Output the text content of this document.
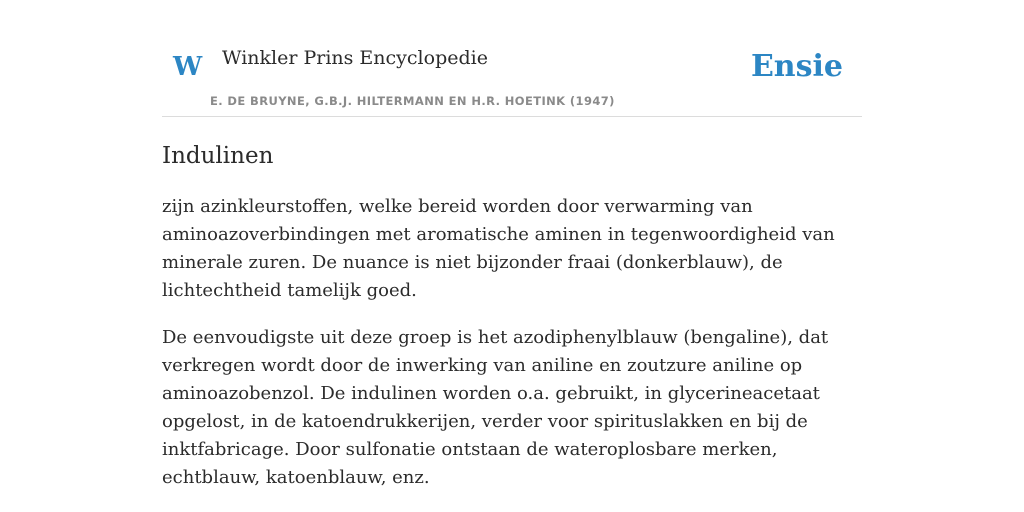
W Winkler Prins Encyclopedie	Ensie
E. DE BRUYNE, G.B.J. HILTERMANN EN H.R. HOETINK (1947)
Indulinen

zijn azinkleurstoffen, welke bereid worden door verwarming van aminoazoverbindingen met aromatische aminen in tegenwoordigheid van minerale zuren. De nuance is niet bijzonder fraai (donkerblauw), de lichtechtheid tamelijk goed.

De eenvoudigste uit deze groep is het azodiphenylblauw (bengaline), dat verkregen wordt door de inwerking van aniline en zoutzure aniline op aminoazobenzol. De indulinen worden o.a. gebruikt, in glycerineacetaat opgelost, in de katoendrukkerijen, verder voor spirituslakken en bij de inktfabricage. Door sulfonatie ontstaan de wateroplosbare merken, echtblauw, katoenblauw, enz.
